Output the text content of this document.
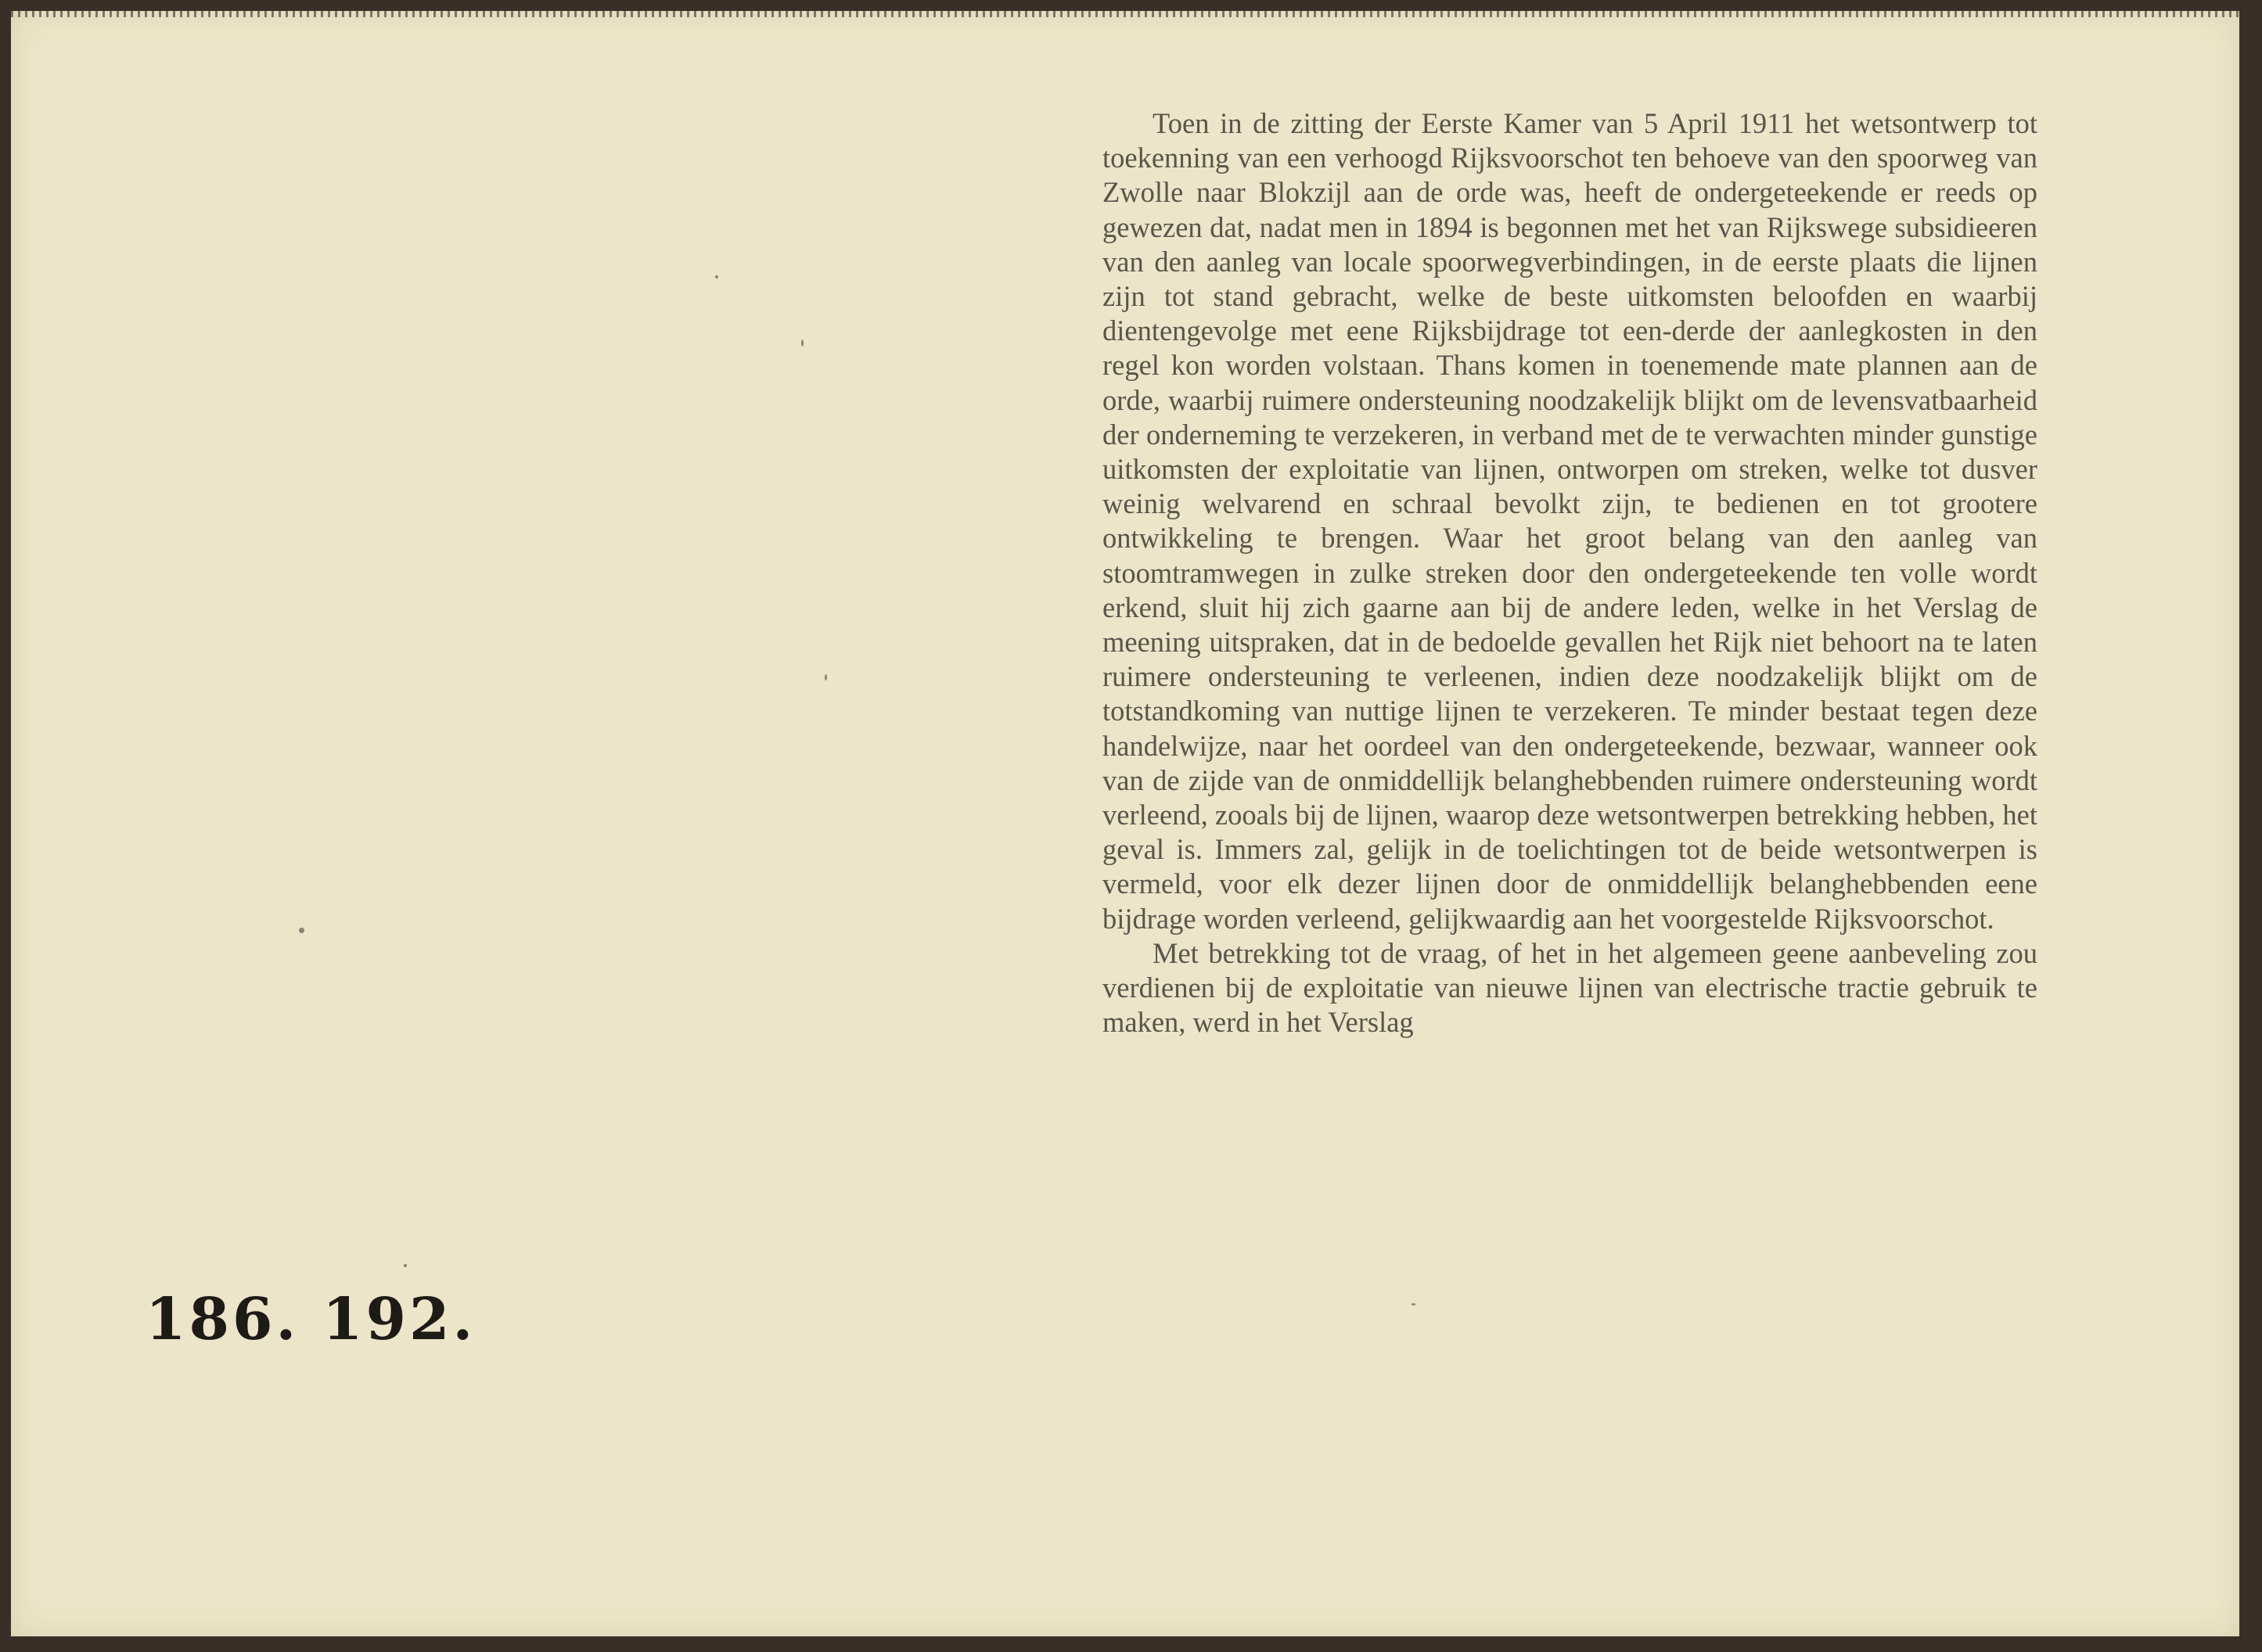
186. 192.

Toen in de zitting der Eerste Kamer van 5 April 1911 het wetsontwerp tot toekenning van een verhoogd Rijksvoorschot ten behoeve van den spoorweg van Zwolle naar Blokzijl aan de orde was, heeft de ondergeteekende er reeds op gewezen dat, nadat men in 1894 is begonnen met het van Rijkswege subsidieeren van den aanleg van locale spoorwegverbindingen, in de eerste plaats die lijnen zijn tot stand gebracht, welke de beste uitkomsten beloofden en waarbij dientengevolge met eene Rijksbijdrage tot een-derde der aanlegkosten in den regel kon worden volstaan. Thans komen in toenemende mate plannen aan de orde, waarbij ruimere ondersteuning noodzakelijk blijkt om de levensvatbaarheid der onderneming te verzekeren, in verband met de te verwachten minder gunstige uitkomsten der exploitatie van lijnen, ontworpen om streken, welke tot dusver weinig welvarend en schraal bevolkt zijn, te bedienen en tot grootere ontwikkeling te brengen. Waar het groot belang van den aanleg van stoomtramwegen in zulke streken door den ondergeteekende ten volle wordt erkend, sluit hij zich gaarne aan bij de andere leden, welke in het Verslag de meening uitspraken, dat in de bedoelde gevallen het Rijk niet behoort na te laten ruimere ondersteuning te verleenen, indien deze noodzakelijk blijkt om de totstandkoming van nuttige lijnen te verzekeren. Te minder bestaat tegen deze handelwijze, naar het oordeel van den ondergeteekende, bezwaar, wanneer ook van de zijde van de onmiddellijk belanghebbenden ruimere ondersteuning wordt verleend, zooals bij de lijnen, waarop deze wetsontwerpen betrekking hebben, het geval is. Immers zal, gelijk in de toelichtingen tot de beide wetsontwerpen is vermeld, voor elk dezer lijnen door de onmiddellijk belanghebbenden eene bijdrage worden verleend, gelijkwaardig aan het voorgestelde Rijksvoorschot.

Met betrekking tot de vraag, of het in het algemeen geene aanbeveling zou verdienen bij de exploitatie van nieuwe lijnen van electrische tractie gebruik te maken, werd in het Verslag
